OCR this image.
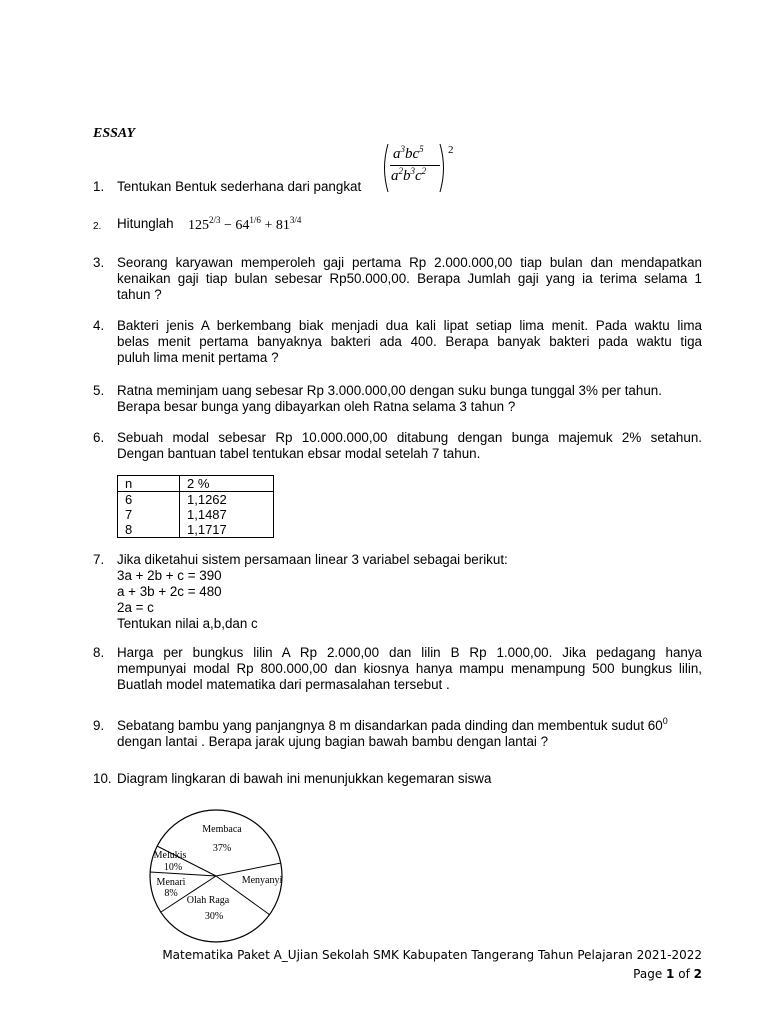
ESSAY
1. Tentukan Bentuk sederhana dari pangkat
$a^3bc^5$
$a^2b^3c^2$
2
2. Hitunglah $125^{2/3} - 64^{1/6} + 81^{3/4}$
3. Seorang karyawan memperoleh gaji pertama Rp 2.000.000,00 tiap bulan dan mendapatkan
kenaikan gaji tiap bulan sebesar Rp50.000,00. Berapa Jumlah gaji yang ia terima selama 1
tahun ?
4. Bakteri jenis A berkembang biak menjadi dua kali lipat setiap lima menit. Pada waktu lima
belas menit pertama banyaknya bakteri ada 400. Berapa banyak bakteri pada waktu tiga
puluh lima menit pertama ?
5. Ratna meminjam uang sebesar Rp 3.000.000,00 dengan suku bunga tunggal 3% per tahun.
Berapa besar bunga yang dibayarkan oleh Ratna selama 3 tahun ?
6. Sebuah modal sebesar Rp 10.000.000,00 ditabung dengan bunga majemuk 2% setahun.
Dengan bantuan tabel tentukan ebsar modal setelah 7 tahun.
n	2 %
6	1,1262
7	1,1487
8	1,1717
7. Jika diketahui sistem persamaan linear 3 variabel sebagai berikut:
3a + 2b + c = 390
a + 3b + 2c = 480
2a = c
Tentukan nilai a,b,dan c
8. Harga per bungkus lilin A Rp 2.000,00 dan lilin B Rp 1.000,00. Jika pedagang hanya
mempunyai modal Rp 800.000,00 dan kiosnya hanya mampu menampung 500 bungkus lilin,
Buatlah model matematika dari permasalahan tersebut .
9. Sebatang bambu yang panjangnya 8 m disandarkan pada dinding dan membentuk sudut $60^0$
dengan lantai . Berapa jarak ujung bagian bawah bambu dengan lantai ?
10. Diagram lingkaran di bawah ini menunjukkan kegemaran siswa
Membaca
37%
Menyanyi
Olah Raga
30%
Menari
8%
Melukis
10%
Matematika Paket A_Ujian Sekolah SMK Kabupaten Tangerang Tahun Pelajaran 2021-2022
Page 1 of 2
